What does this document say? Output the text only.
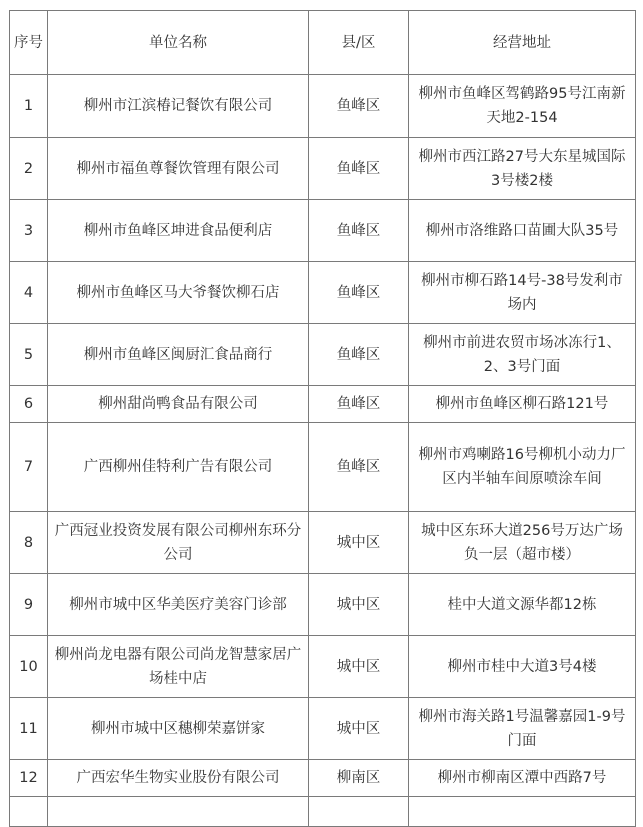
序号	单位名称	县/区	经营地址
1	柳州市江滨椿记餐饮有限公司	鱼峰区	柳州市鱼峰区驾鹤路95号江南新天地2-154
2	柳州市福鱼尊餐饮管理有限公司	鱼峰区	柳州市西江路27号大东星城国际3号楼2楼
3	柳州市鱼峰区坤进食品便利店	鱼峰区	柳州市洛维路口苗圃大队35号
4	柳州市鱼峰区马大爷餐饮柳石店	鱼峰区	柳州市柳石路14号-38号发利市场内
5	柳州市鱼峰区闽厨汇食品商行	鱼峰区	柳州市前进农贸市场冰冻行1、2、3号门面
6	柳州甜尚鸭食品有限公司	鱼峰区	柳州市鱼峰区柳石路121号
7	广西柳州佳特利广告有限公司	鱼峰区	柳州市鸡喇路16号柳机小动力厂区内半轴车间原喷涂车间
8	广西冠业投资发展有限公司柳州东环分公司	城中区	城中区东环大道256号万达广场负一层（超市楼）
9	柳州市城中区华美医疗美容门诊部	城中区	桂中大道文源华都12栋
10	柳州尚龙电器有限公司尚龙智慧家居广场桂中店	城中区	柳州市桂中大道3号4楼
11	柳州市城中区穗柳荣嘉饼家	城中区	柳州市海关路1号温馨嘉园1-9号门面
12	广西宏华生物实业股份有限公司	柳南区	柳州市柳南区潭中西路7号
